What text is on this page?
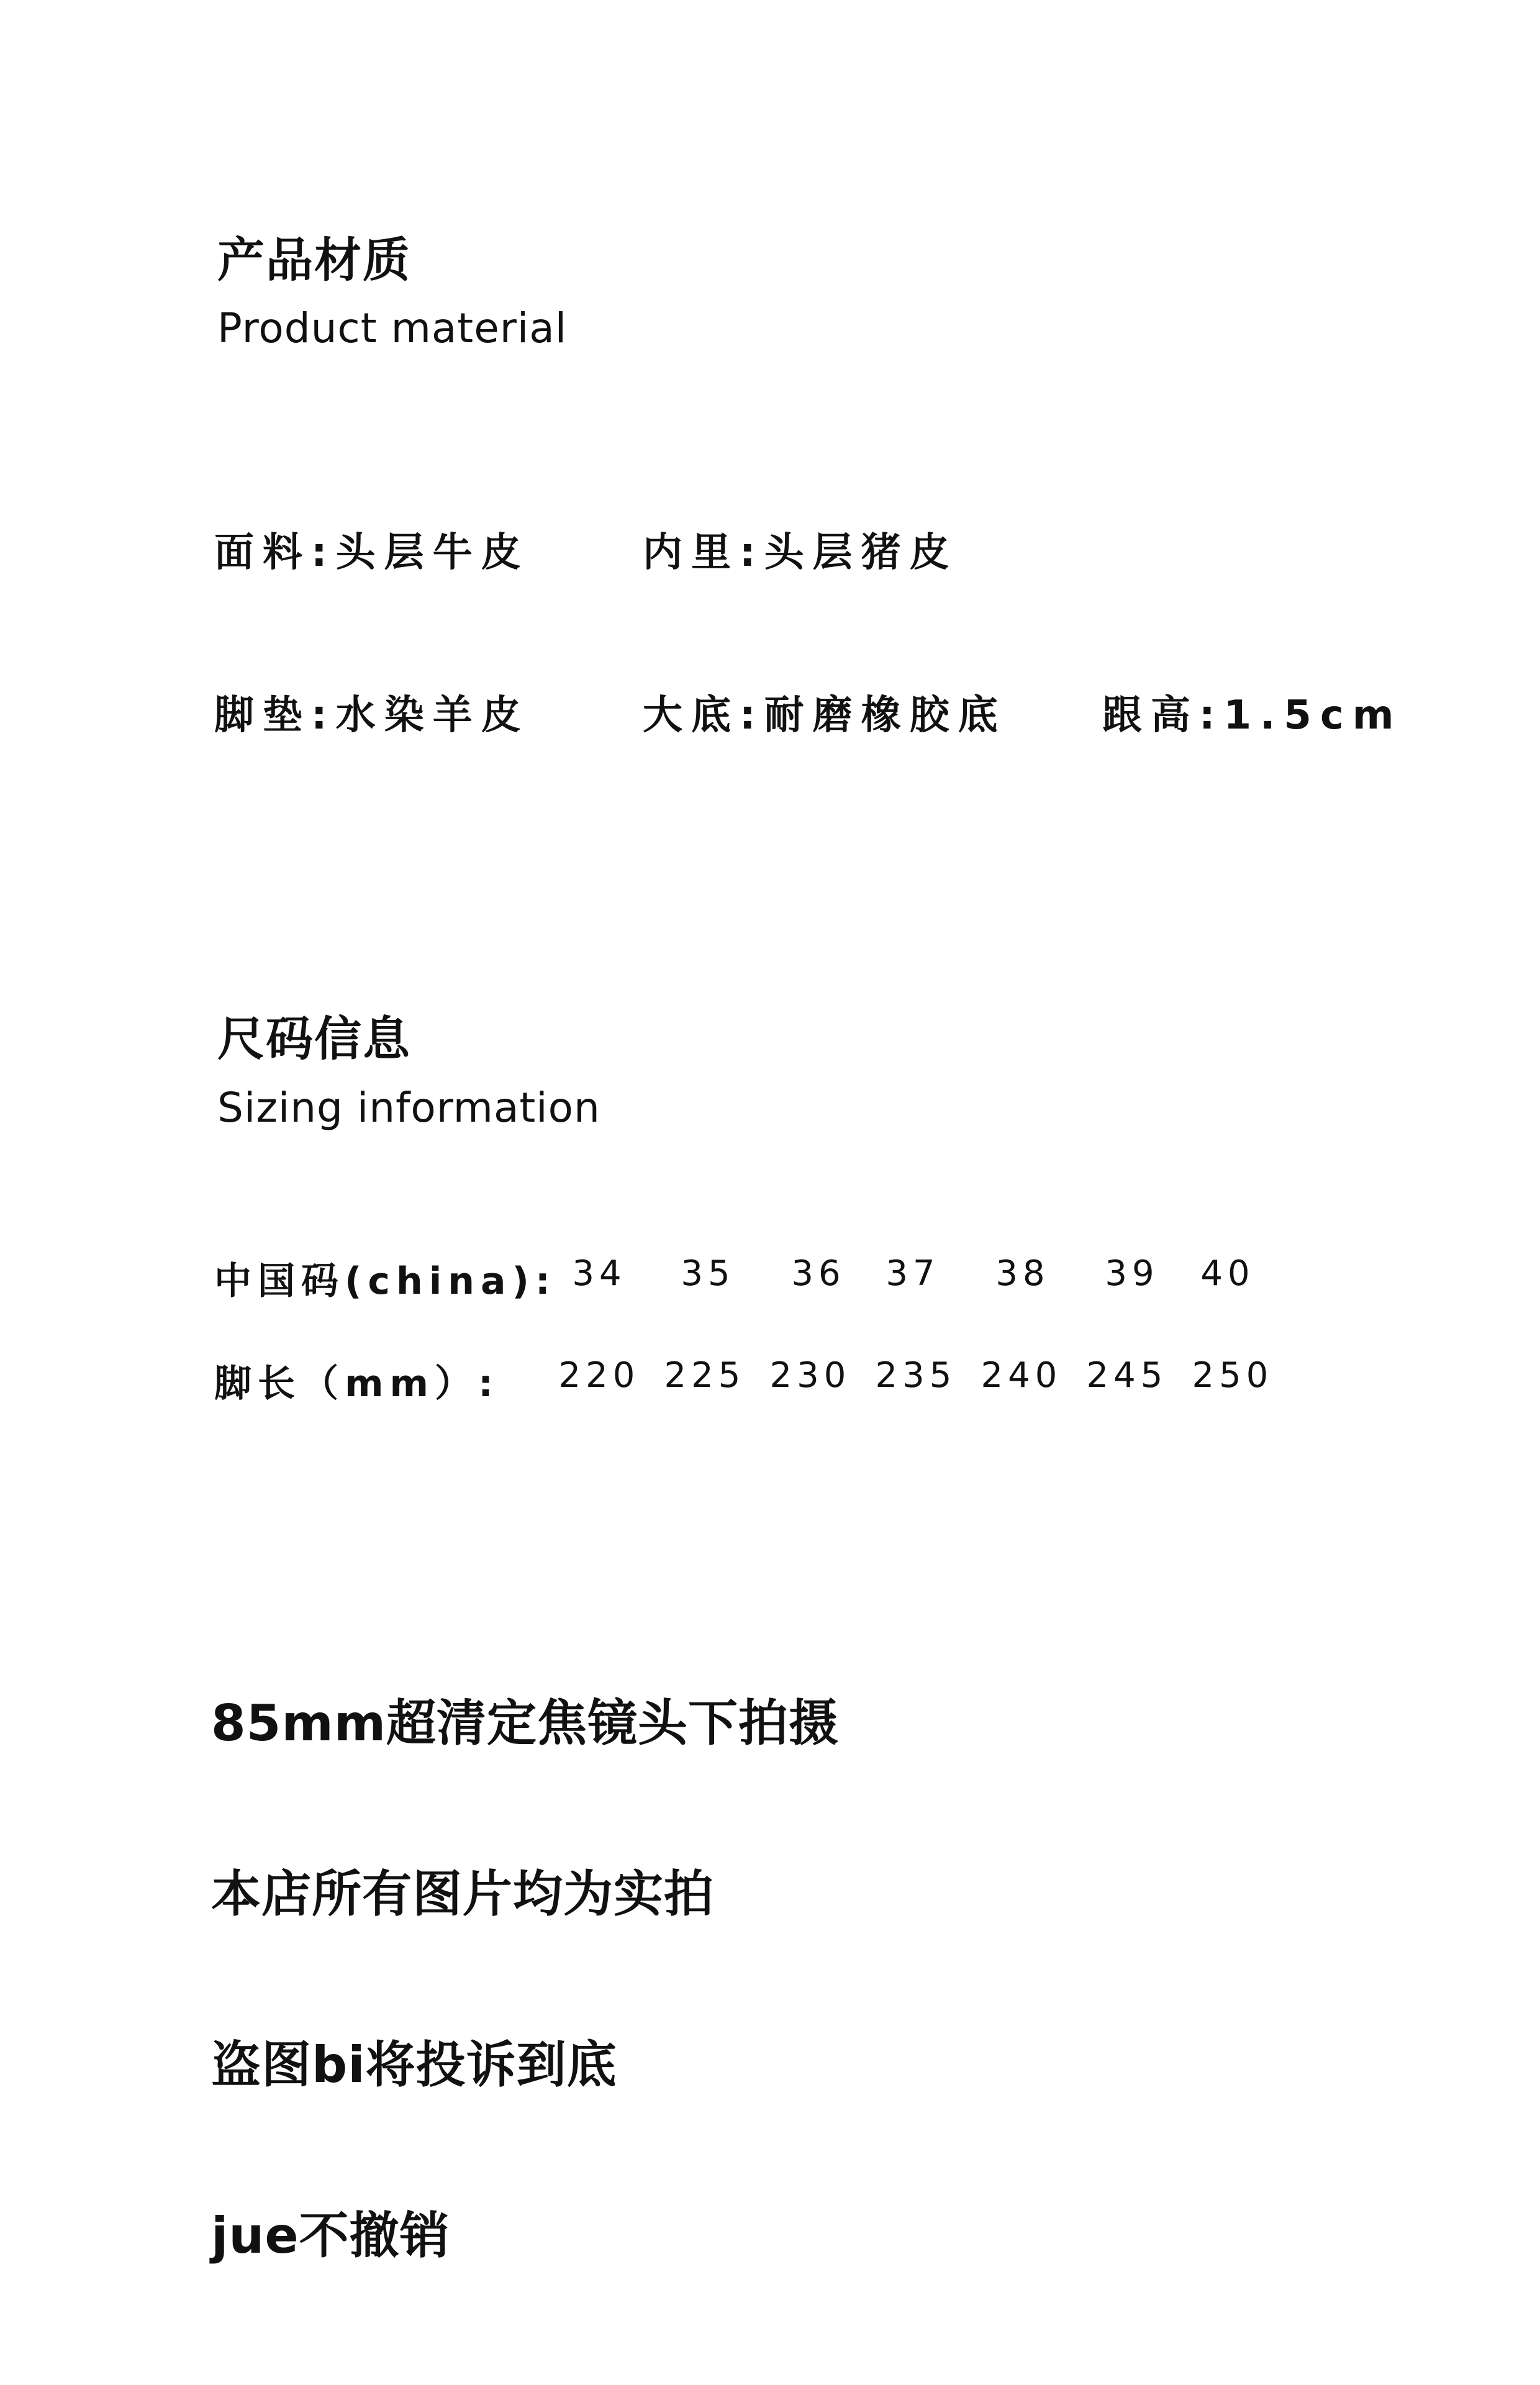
产品材质
Product material
面料:头层牛皮	内里:头层猪皮
脚垫:水染羊皮	大底:耐磨橡胶底 跟高:1.5cm
尺码信息
Sizing information
中国码(china): 34	35	36	37	38	39	40
脚长（mm）:	220 225 230 235 240 245 250
85mm超清定焦镜头下拍摄
本店所有图片均为实拍
盗图bi将投诉到底
jue不撤销
